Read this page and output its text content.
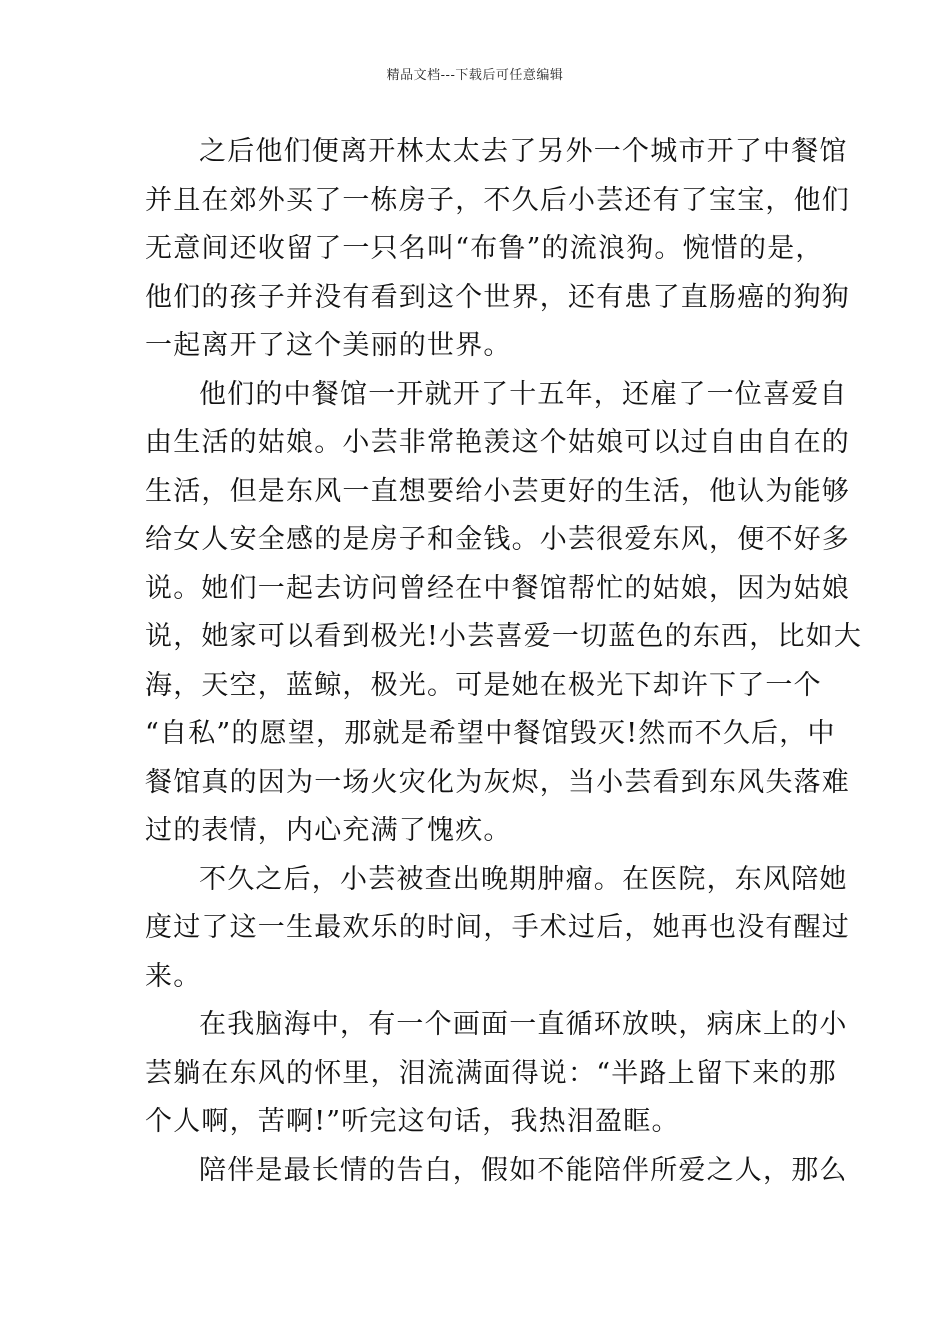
精品文档---下载后可任意编辑
之后他们便离开林太太去了另外一个城市开了中餐馆
并且在郊外买了一栋房子，不久后小芸还有了宝宝，他们
无意间还收留了一只名叫“布鲁”的流浪狗。惋惜的是，
他们的孩子并没有看到这个世界，还有患了直肠癌的狗狗
一起离开了这个美丽的世界。
他们的中餐馆一开就开了十五年，还雇了一位喜爱自
由生活的姑娘。小芸非常艳羡这个姑娘可以过自由自在的
生活，但是东风一直想要给小芸更好的生活，他认为能够
给女人安全感的是房子和金钱。小芸很爱东风，便不好多
说。她们一起去访问曾经在中餐馆帮忙的姑娘，因为姑娘
说，她家可以看到极光!小芸喜爱一切蓝色的东西，比如大
海，天空，蓝鲸，极光。可是她在极光下却许下了一个
“自私”的愿望，那就是希望中餐馆毁灭!然而不久后，中
餐馆真的因为一场火灾化为灰烬，当小芸看到东风失落难
过的表情，内心充满了愧疚。
不久之后，小芸被查出晚期肿瘤。在医院，东风陪她
度过了这一生最欢乐的时间，手术过后，她再也没有醒过
来。
在我脑海中，有一个画面一直循环放映，病床上的小
芸躺在东风的怀里，泪流满面得说：“半路上留下来的那
个人啊，苦啊!”听完这句话，我热泪盈眶。
陪伴是最长情的告白，假如不能陪伴所爱之人，那么
